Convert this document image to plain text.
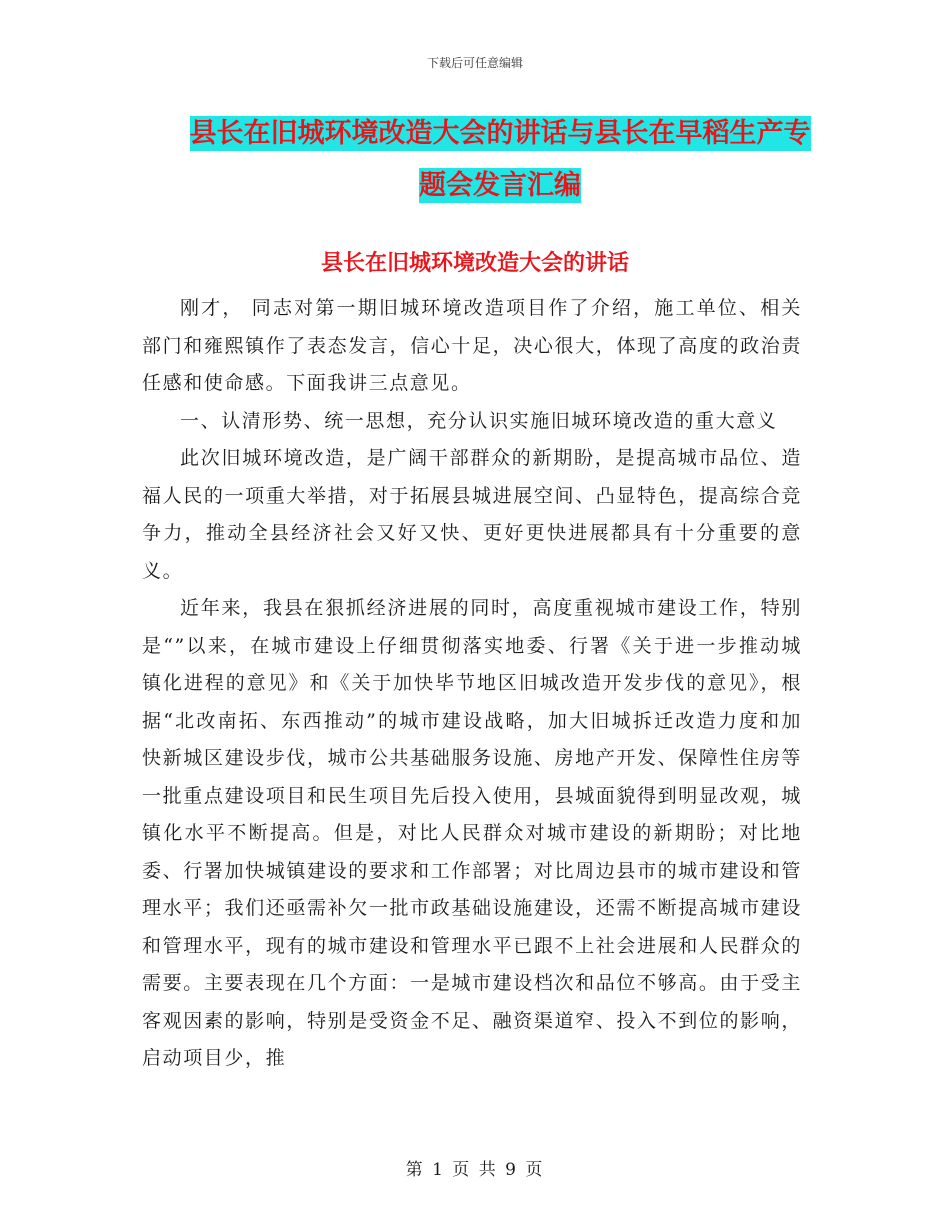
下载后可任意编辑
县长在旧城环境改造大会的讲话与县长在早稻生产专
题会发言汇编
县长在旧城环境改造大会的讲话

刚才， 同志对第一期旧城环境改造项目作了介绍，施工单位、相关部门和雍熙镇作了表态发言，信心十足，决心很大，体现了高度的政治责任感和使命感。下面我讲三点意见。

一、认清形势、统一思想，充分认识实施旧城环境改造的重大意义

此次旧城环境改造，是广阔干部群众的新期盼，是提高城市品位、造福人民的一项重大举措，对于拓展县城进展空间、凸显特色，提高综合竞争力，推动全县经济社会又好又快、更好更快进展都具有十分重要的意义。

近年来，我县在狠抓经济进展的同时，高度重视城市建设工作，特别是“”以来，在城市建设上仔细贯彻落实地委、行署《关于进一步推动城镇化进程的意见》和《关于加快毕节地区旧城改造开发步伐的意见》，根据“北改南拓、东西推动”的城市建设战略，加大旧城拆迁改造力度和加快新城区建设步伐，城市公共基础服务设施、房地产开发、保障性住房等一批重点建设项目和民生项目先后投入使用，县城面貌得到明显改观，城镇化水平不断提高。但是，对比人民群众对城市建设的新期盼；对比地委、行署加快城镇建设的要求和工作部署；对比周边县市的城市建设和管理水平；我们还亟需补欠一批市政基础设施建设，还需不断提高城市建设和管理水平，现有的城市建设和管理水平已跟不上社会进展和人民群众的需要。主要表现在几个方面：一是城市建设档次和品位不够高。由于受主客观因素的影响，特别是受资金不足、融资渠道窄、投入不到位的影响，启动项目少，推

第 1 页 共 9 页
